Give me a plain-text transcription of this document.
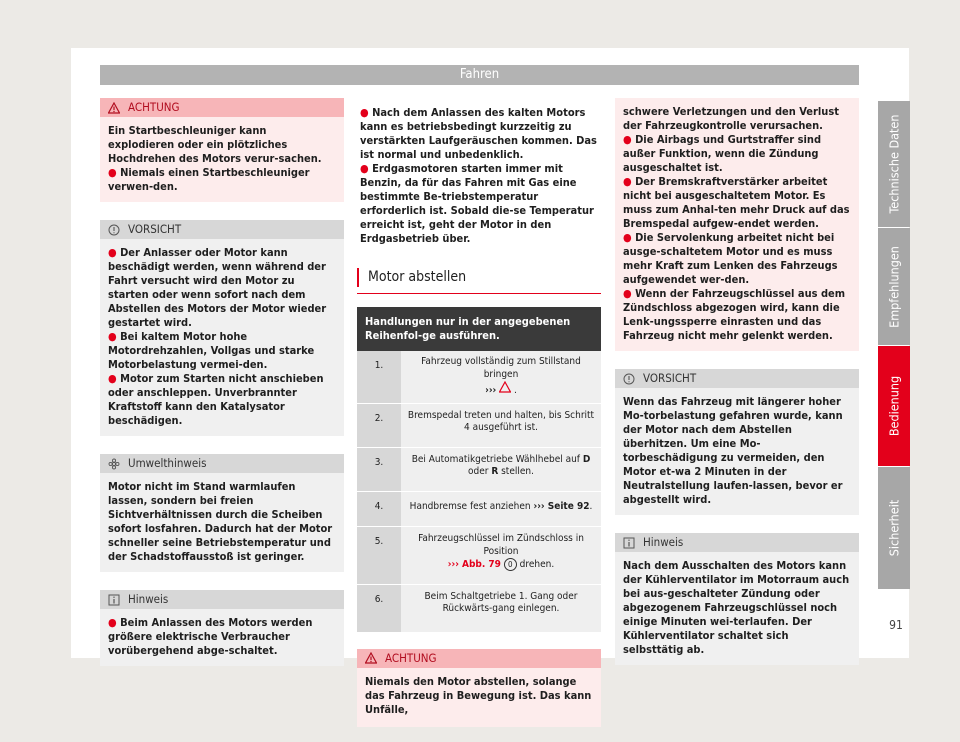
Fahren
Technische Daten
Empfehlungen
Bedienung
Sicherheit
91
ACHTUNG
Ein Startbeschleuniger kann explodieren oder ein plötzliches Hochdrehen des Motors verur-sachen.
● Niemals einen Startbeschleuniger verwen-den.
VORSICHT
● Der Anlasser oder Motor kann beschädigt werden, wenn während der Fahrt versucht wird den Motor zu starten oder wenn sofort nach dem Abstellen des Motors der Motor wieder gestartet wird.
● Bei kaltem Motor hohe Motordrehzahlen, Vollgas und starke Motorbelastung vermei-den.
● Motor zum Starten nicht anschieben oder anschleppen. Unverbrannter Kraftstoff kann den Katalysator beschädigen.
Umwelthinweis
Motor nicht im Stand warmlaufen lassen, sondern bei freien Sichtverhältnissen durch die Scheiben sofort losfahren. Dadurch hat der Motor schneller seine Betriebstemperatur und der Schadstoffausstoß ist geringer.
Hinweis
● Beim Anlassen des Motors werden größere elektrische Verbraucher vorübergehend abge-schaltet.
● Nach dem Anlassen des kalten Motors kann es betriebsbedingt kurzzeitig zu verstärkten Laufgeräuschen kommen. Das ist normal und unbedenklich.
● Erdgasmotoren starten immer mit Benzin, da für das Fahren mit Gas eine bestimmte Be-triebstemperatur erforderlich ist. Sobald die-se Temperatur erreicht ist, geht der Motor in den Erdgasbetrieb über.
Motor abstellen
Handlungen nur in der angegebenen Reihenfol-ge ausführen.	
1.	Fahrzeug vollständig zum Stillstand bringen
›››  .
2.	Bremspedal treten und halten, bis Schritt 4 ausgeführt ist.
3.	Bei Automatikgetriebe Wählhebel auf D oder R stellen.
4.	Handbremse fest anziehen ››› Seite 92.
5.	Fahrzeugschlüssel im Zündschloss in Position
››› Abb. 79 0 drehen.
6.	Beim Schaltgetriebe 1. Gang oder Rückwärts-gang einlegen.
ACHTUNG
Niemals den Motor abstellen, solange das Fahrzeug in Bewegung ist. Das kann Unfälle,
schwere Verletzungen und den Verlust der Fahrzeugkontrolle verursachen.
● Die Airbags und Gurtstraffer sind außer Funktion, wenn die Zündung ausgeschaltet ist.
● Der Bremskraftverstärker arbeitet nicht bei ausgeschaltetem Motor. Es muss zum Anhal-ten mehr Druck auf das Bremspedal aufgew-endet werden.
● Die Servolenkung arbeitet nicht bei ausge-schaltetem Motor und es muss mehr Kraft zum Lenken des Fahrzeugs aufgewendet wer-den.
● Wenn der Fahrzeugschlüssel aus dem Zündschloss abgezogen wird, kann die Lenk-ungssperre einrasten und das Fahrzeug nicht mehr gelenkt werden.
VORSICHT
Wenn das Fahrzeug mit längerer hoher Mo-torbelastung gefahren wurde, kann der Motor nach dem Abstellen überhitzen. Um eine Mo-torbeschädigung zu vermeiden, den Motor et-wa 2 Minuten in der Neutralstellung laufen-lassen, bevor er abgestellt wird.
Hinweis
Nach dem Ausschalten des Motors kann der Kühlerventilator im Motorraum auch bei aus-geschalteter Zündung oder abgezogenem Fahrzeugschlüssel noch einige Minuten wei-terlaufen. Der Kühlerventilator schaltet sich selbsttätig ab.
